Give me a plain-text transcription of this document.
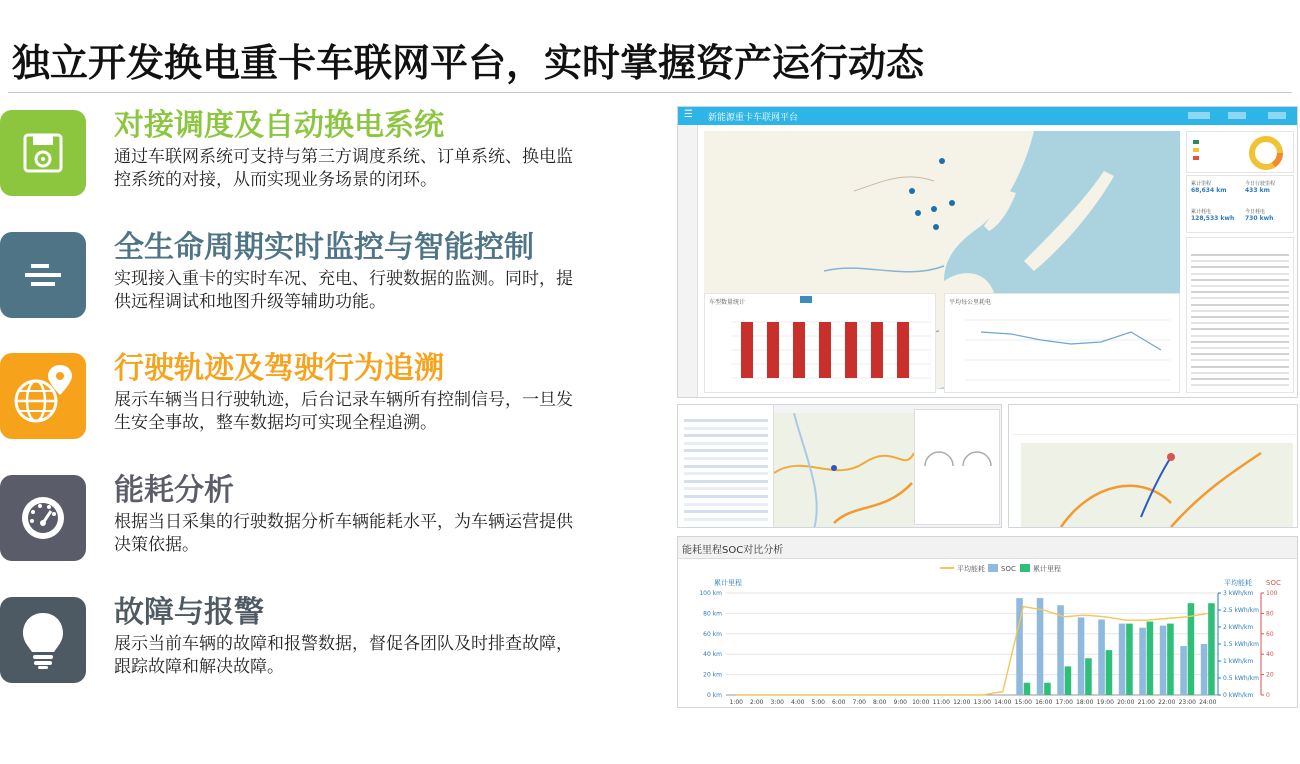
独立开发换电重卡车联网平台，实时掌握资产运行动态
对接调度及自动换电系统
通过车联网系统可支持与第三方调度系统、订单系统、换电监控系统的对接，从而实现业务场景的闭环。
全生命周期实时监控与智能控制
实现接入重卡的实时车况、充电、行驶数据的监测。同时，提供远程调试和地图升级等辅助功能。
行驶轨迹及驾驶行为追溯
展示车辆当日行驶轨迹，后台记录车辆所有控制信号，一旦发生安全事故，整车数据均可实现全程追溯。
能耗分析
根据当日采集的行驶数据分析车辆能耗水平，为车辆运营提供决策依据。
故障与报警
展示当前车辆的故障和报警数据，督促各团队及时排查故障，跟踪故障和解决故障。
☰ 新能源重卡车联网平台
累计里程
68,634 km
今日行驶里程
433 km
累计耗电
128,533 kwh
今日耗电
730 kwh
车型数量统计	平均每公里耗电
能耗里程SOC对比分析
平均能耗 SOC 累计里程
累计里程	平均能耗 SOC
0 km
20 km
40 km
60 km
80 km
100 km
0 kWh/km
0.5 kWh/km
1 kWh/km
1.5 kWh/km
2 kWh/km
2.5 kWh/km
3 kWh/km
0
20
40
60
80
100
1:00 2:00 3:00 4:00 5:00 6:00 7:00 8:00 9:00 10:00 11:00 12:00 13:00 14:00 15:00 16:00 17:00 18:00 19:00 20:00 21:00 22:00 23:00 24:00
